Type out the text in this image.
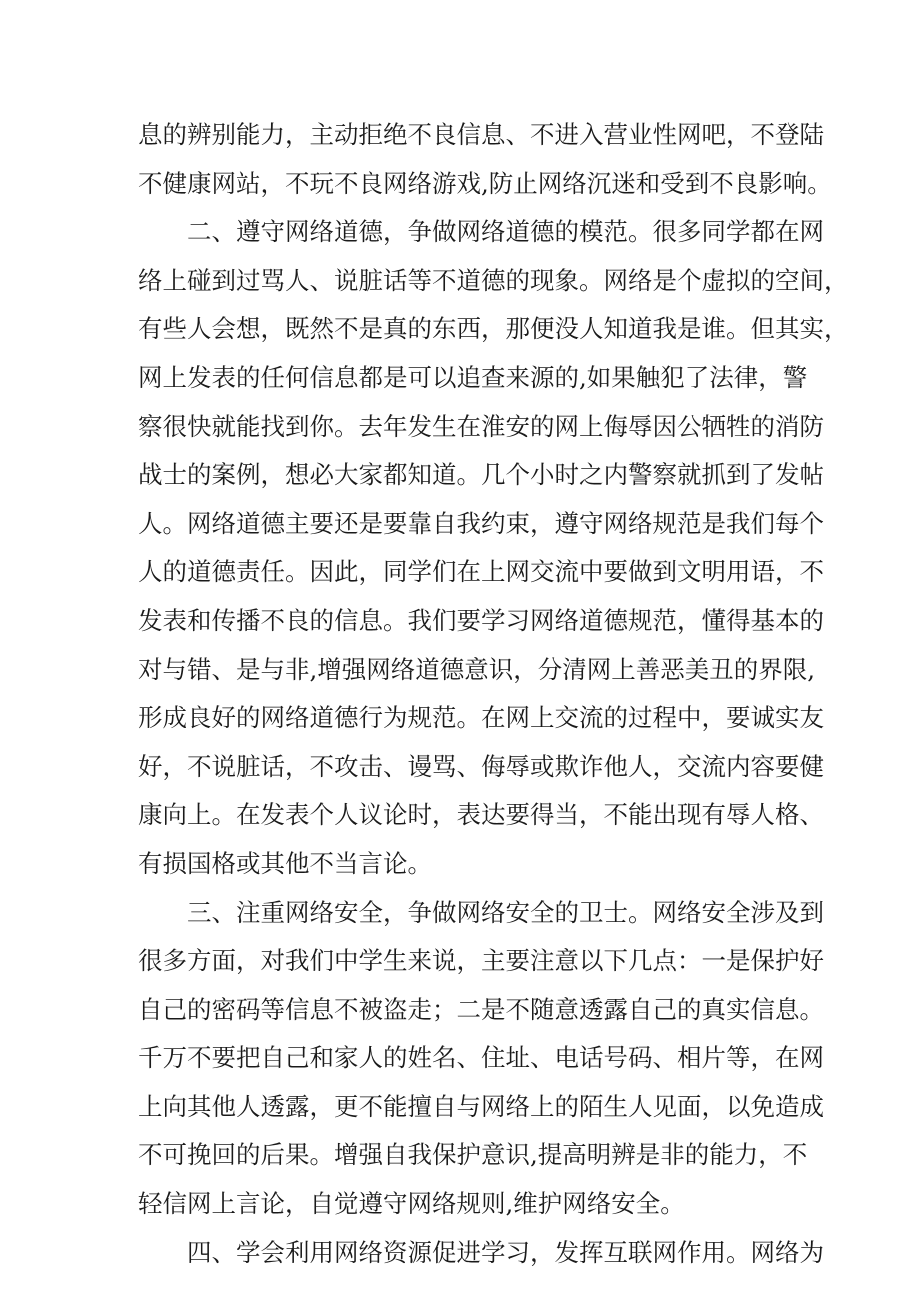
息的辨别能力，主动拒绝不良信息、不进入营业性网吧，不登陆
不健康网站，不玩不良网络游戏,防止网络沉迷和受到不良影响。
二、遵守网络道德，争做网络道德的模范。很多同学都在网
络上碰到过骂人、说脏话等不道德的现象。网络是个虚拟的空间，
有些人会想，既然不是真的东西，那便没人知道我是谁。但其实，
网上发表的任何信息都是可以追查来源的,如果触犯了法律，警
察很快就能找到你。去年发生在淮安的网上侮辱因公牺牲的消防
战士的案例，想必大家都知道。几个小时之内警察就抓到了发帖
人。网络道德主要还是要靠自我约束，遵守网络规范是我们每个
人的道德责任。因此，同学们在上网交流中要做到文明用语，不
发表和传播不良的信息。我们要学习网络道德规范，懂得基本的
对与错、是与非,增强网络道德意识，分清网上善恶美丑的界限,
形成良好的网络道德行为规范。在网上交流的过程中，要诚实友
好，不说脏话，不攻击、谩骂、侮辱或欺诈他人，交流内容要健
康向上。在发表个人议论时，表达要得当，不能出现有辱人格、
有损国格或其他不当言论。
三、注重网络安全，争做网络安全的卫士。网络安全涉及到
很多方面，对我们中学生来说，主要注意以下几点：一是保护好
自己的密码等信息不被盗走；二是不随意透露自己的真实信息。
千万不要把自己和家人的姓名、住址、电话号码、相片等，在网
上向其他人透露，更不能擅自与网络上的陌生人见面，以免造成
不可挽回的后果。增强自我保护意识,提高明辨是非的能力，不
轻信网上言论，自觉遵守网络规则,维护网络安全。
四、学会利用网络资源促进学习，发挥互联网作用。网络为
